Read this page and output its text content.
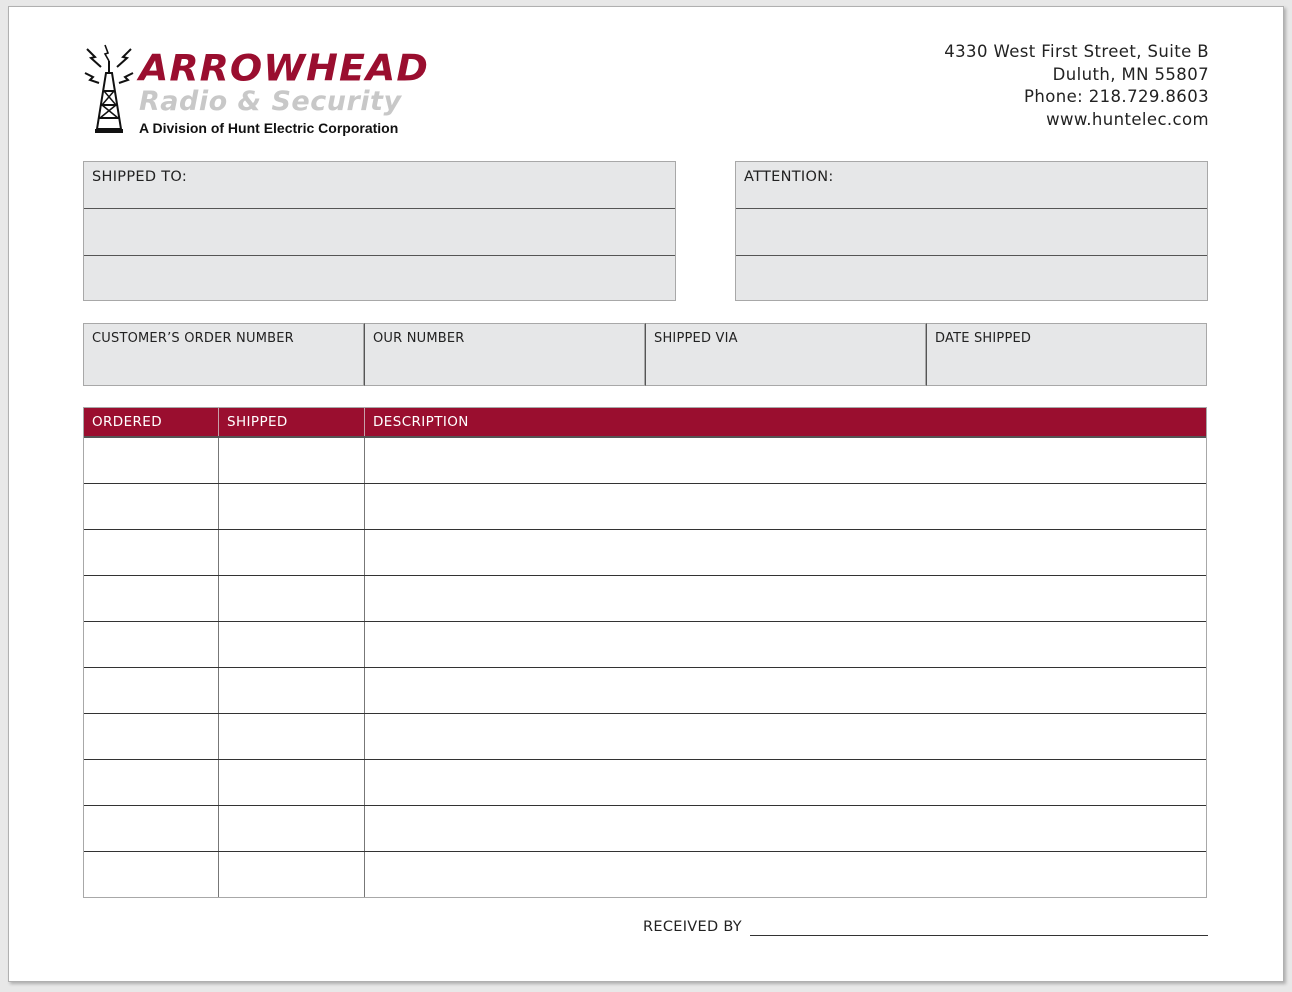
ARROWHEAD
Radio & Security
A Division of Hunt Electric Corporation
4330 West First Street, Suite B
Duluth, MN 55807
Phone: 218.729.8603
www.huntelec.com
SHIPPED TO:	ATTENTION:
CUSTOMER’S ORDER NUMBER	OUR NUMBER	SHIPPED VIA	DATE SHIPPED
ORDERED	SHIPPED	DESCRIPTION
RECEIVED BY
